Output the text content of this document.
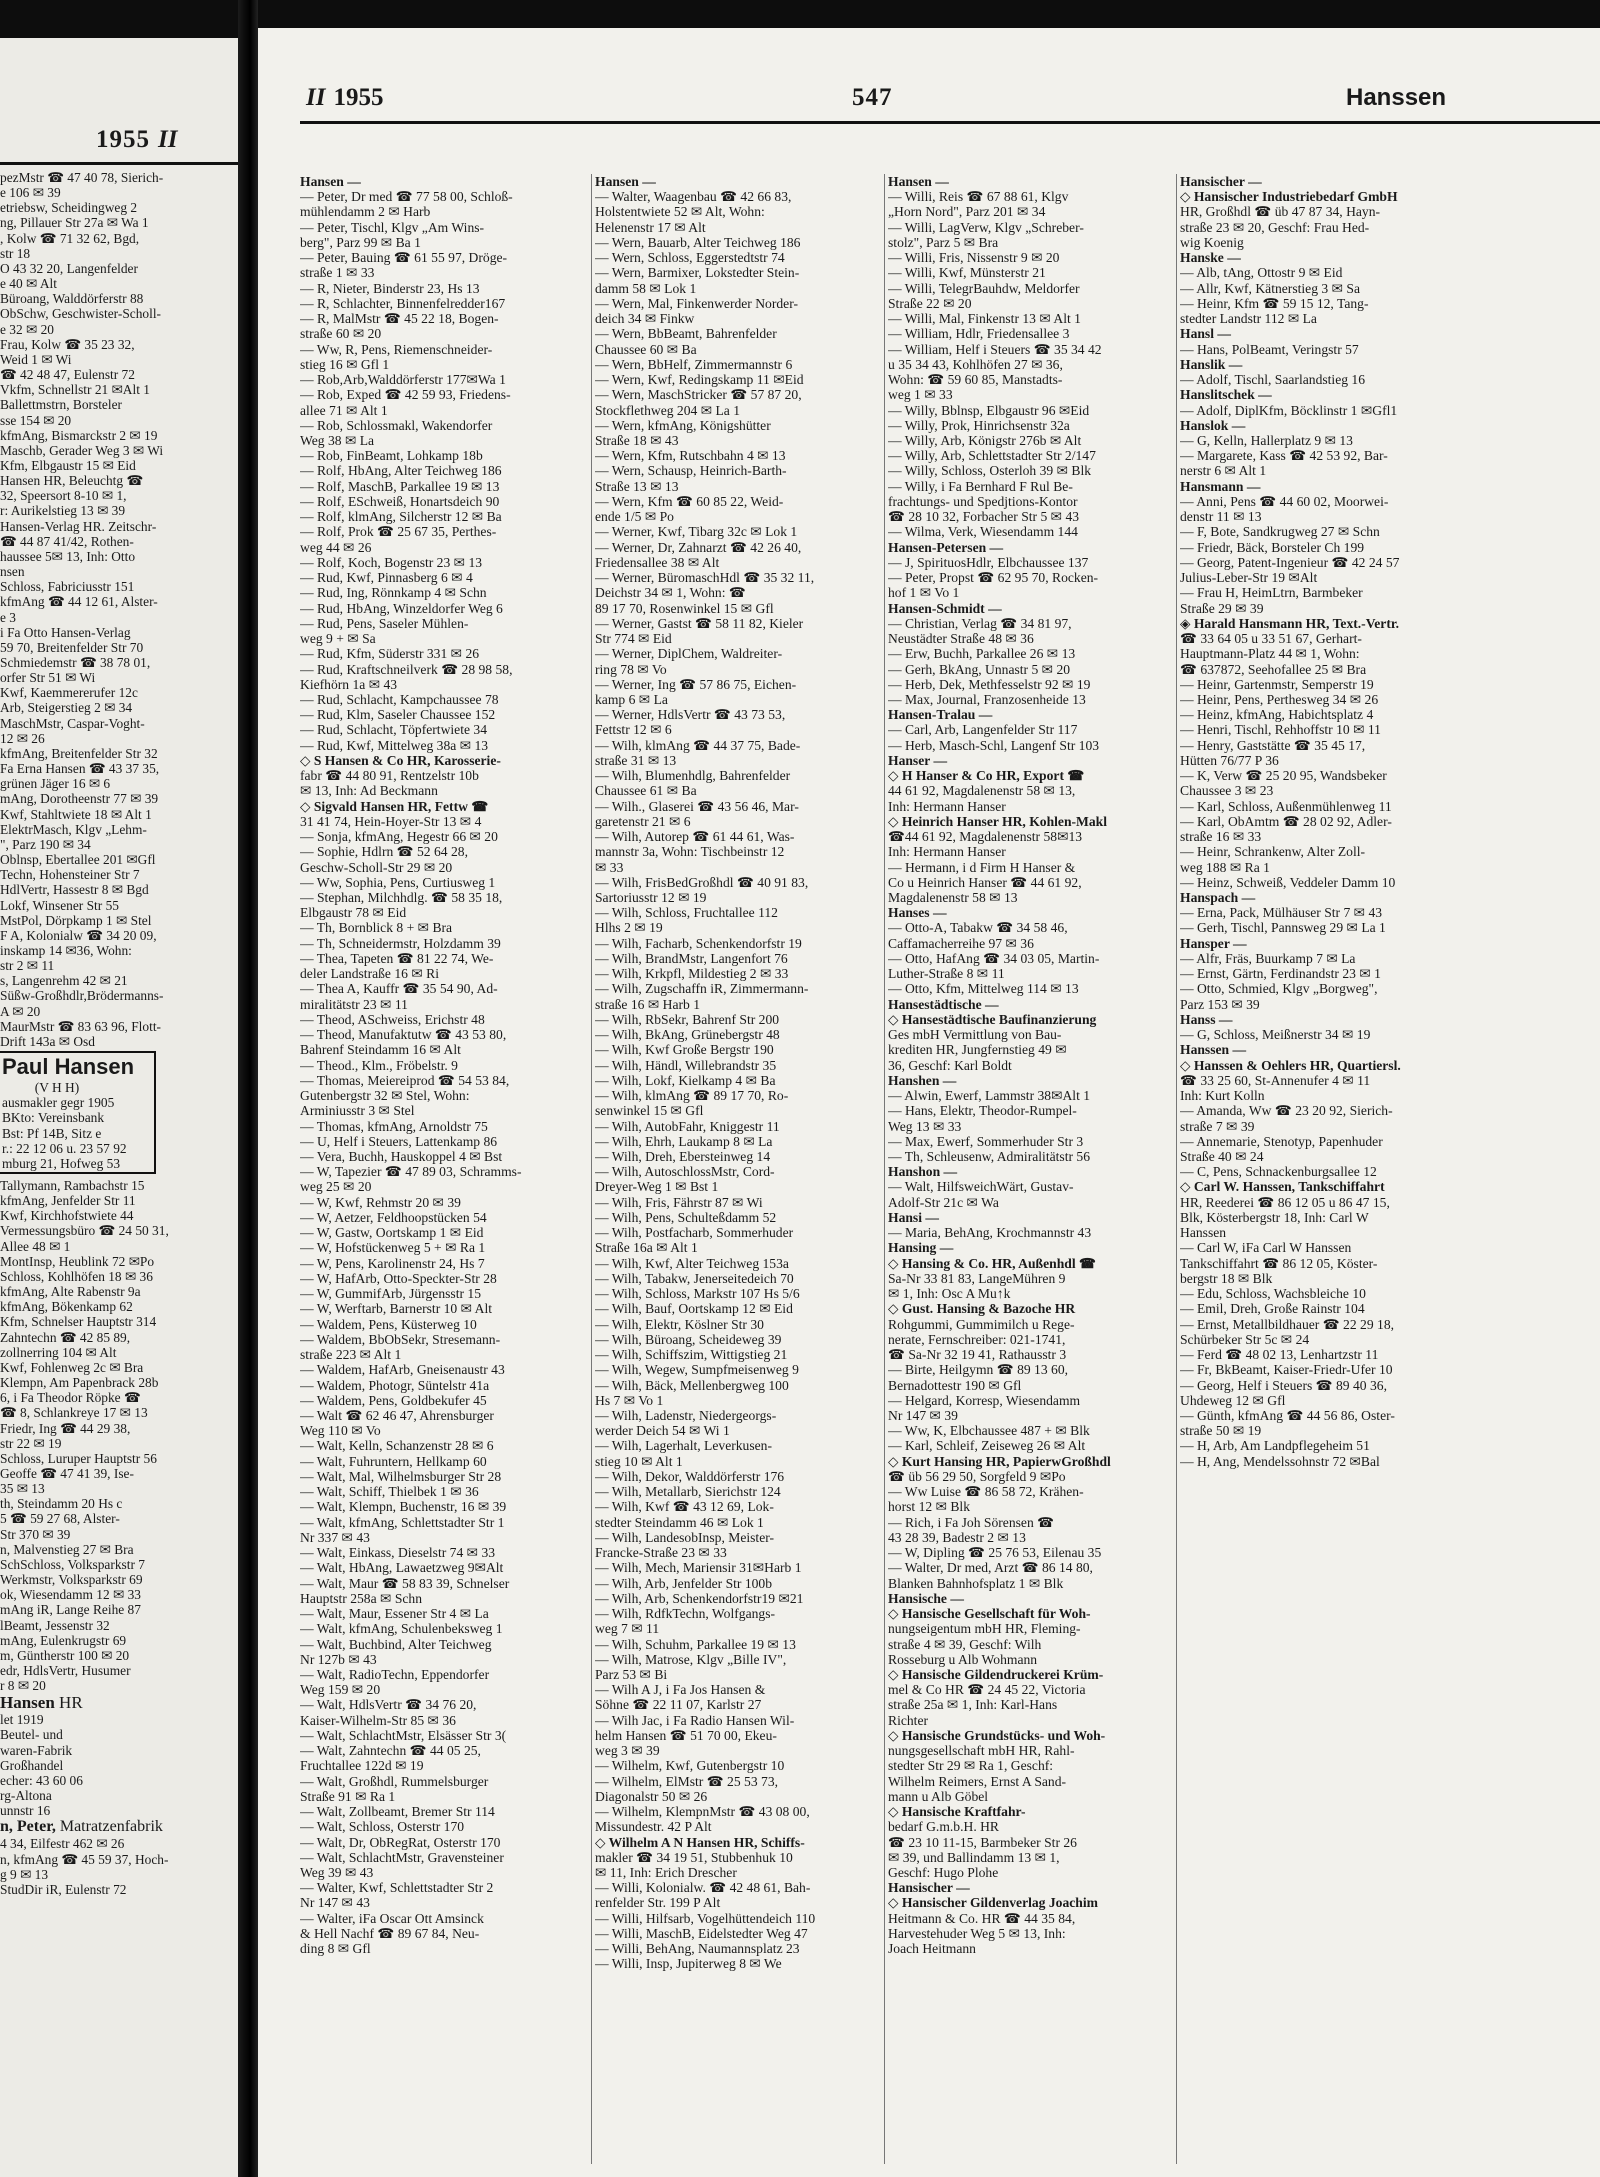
1955 II
pezMstr ☎ 47 40 78, Sierich-
e 106 ✉ 39
etriebsw, Scheidingweg 2
ng, Pillauer Str 27a ✉ Wa 1
, Kolw ☎ 71 32 62, Bgd,
str 18
O 43 32 20, Langenfelder
e 40 ✉ Alt
Büroang, Walddörferstr 88
ObSchw, Geschwister-Scholl-
e 32 ✉ 20
Frau, Kolw ☎ 35 23 32,
Weid 1 ✉ Wi
☎ 42 48 47, Eulenstr 72
Vkfm, Schnellstr 21 ✉Alt 1
Ballettmstrn, Borsteler
sse 154 ✉ 20
kfmAng, Bismarckstr 2 ✉ 19
Maschb, Gerader Weg 3 ✉ Wi
Kfm, Elbgaustr 15 ✉ Eid
Hansen HR, Beleuchtg ☎
32, Speersort 8-10 ✉ 1,
r: Aurikelstieg 13 ✉ 39
Hansen-Verlag HR. Zeitschr-
☎ 44 87 41/42, Rothen-
haussee 5✉ 13, Inh: Otto
nsen
Schloss, Fabriciusstr 151
kfmAng ☎ 44 12 61, Alster-
e 3
i Fa Otto Hansen-Verlag
59 70, Breitenfelder Str 70
Schmiedemstr ☎ 38 78 01,
orfer Str 51 ✉ Wi
Kwf, Kaemmererufer 12c
Arb, Steigerstieg 2 ✉ 34
MaschMstr, Caspar-Voght-
12 ✉ 26
kfmAng, Breitenfelder Str 32
Fa Erna Hansen ☎ 43 37 35,
grünen Jäger 16 ✉ 6
mAng, Dorotheenstr 77 ✉ 39
Kwf, Stahltwiete 18 ✉ Alt 1
ElektrMasch, Klgv „Lehm-
", Parz 190 ✉ 34
Oblnsp, Ebertallee 201 ✉Gfl
Techn, Hohensteiner Str 7
HdlVertr, Hassestr 8 ✉ Bgd
Lokf, Winsener Str 55
MstPol, Dörpkamp 1 ✉ Stel
F A, Kolonialw ☎ 34 20 09,
inskamp 14 ✉36, Wohn:
str 2 ✉ 11
s, Langenrehm 42 ✉ 21
Süßw-Großhdlr,Brödermanns-
A ✉ 20
MaurMstr ☎ 83 63 96, Flott-
Drift 143a ✉ Osd
Paul Hansen
(V H H)
ausmakler gegr 1905
BKto: Vereinsbank
Bst: Pf 14B, Sitz e
r.: 22 12 06 u. 23 57 92
mburg 21, Hofweg 53
Tallymann, Rambachstr 15
kfmAng, Jenfelder Str 11
Kwf, Kirchhofstwiete 44
Vermessungsbüro ☎ 24 50 31,
Allee 48 ✉ 1
MontInsp, Heublink 72 ✉Po
Schloss, Kohlhöfen 18 ✉ 36
kfmAng, Alte Rabenstr 9a
kfmAng, Bökenkamp 62
Kfm, Schnelser Hauptstr 314
Zahntechn ☎ 42 85 89,
zollnerring 104 ✉ Alt
Kwf, Fohlenweg 2c ✉ Bra
Klempn, Am Papenbrack 28b
6, i Fa Theodor Röpke ☎
☎ 8, Schlankreye 17 ✉ 13
Friedr, Ing ☎ 44 29 38,
str 22 ✉ 19
Schloss, Luruper Hauptstr 56
Geoffe ☎ 47 41 39, Ise-
35 ✉ 13
th, Steindamm 20 Hs c
5 ☎ 59 27 68, Alster-
Str 370 ✉ 39
n, Malvenstieg 27 ✉ Bra
SchSchloss, Volksparkstr 7
Werkmstr, Volksparkstr 69
ok, Wiesendamm 12 ✉ 33
mAng iR, Lange Reihe 87
lBeamt, Jessenstr 32
mAng, Eulenkrugstr 69
m, Güntherstr 100 ✉ 20
edr, HdlsVertr, Husumer
r 8 ✉ 20
Hansen HR
let 1919
Beutel- und
waren-Fabrik
Großhandel
echer: 43 60 06
rg-Altona
unnstr 16
n, Peter, Matratzenfabrik
4 34, Eilfestr 462 ✉ 26
n, kfmAng ☎ 45 59 37, Hoch-
g 9 ✉ 13
StudDir iR, Eulenstr 72
II 1955	547	Hanssen
Hansen —
— Peter, Dr med ☎ 77 58 00, Schloß-
mühlendamm 2 ✉ Harb
— Peter, Tischl, Klgv „Am Wins-
berg", Parz 99 ✉ Ba 1
— Peter, Bauing ☎ 61 55 97, Dröge-
straße 1 ✉ 33
— R, Nieter, Binderstr 23, Hs 13
— R, Schlachter, Binnenfelredder167
— R, MalMstr ☎ 45 22 18, Bogen-
straße 60 ✉ 20
— Ww, R, Pens, Riemenschneider-
stieg 16 ✉ Gfl 1
— Rob,Arb,Walddörferstr 177✉Wa 1
— Rob, Exped ☎ 42 59 93, Friedens-
allee 71 ✉ Alt 1
— Rob, Schlossmakl, Wakendorfer
Weg 38 ✉ La
— Rob, FinBeamt, Lohkamp 18b
— Rolf, HbAng, Alter Teichweg 186
— Rolf, MaschB, Parkallee 19 ✉ 13
— Rolf, ESchweiß, Honartsdeich 90
— Rolf, klmAng, Silcherstr 12 ✉ Ba
— Rolf, Prok ☎ 25 67 35, Perthes-
weg 44 ✉ 26
— Rolf, Koch, Bogenstr 23 ✉ 13
— Rud, Kwf, Pinnasberg 6 ✉ 4
— Rud, Ing, Rönnkamp 4 ✉ Schn
— Rud, HbAng, Winzeldorfer Weg 6
— Rud, Pens, Saseler Mühlen-
weg 9 + ✉ Sa
— Rud, Kfm, Süderstr 331 ✉ 26
— Rud, Kraftschneilverk ☎ 28 98 58,
Kiefhörn 1a ✉ 43
— Rud, Schlacht, Kampchaussee 78
— Rud, Klm, Saseler Chaussee 152
— Rud, Schlacht, Töpfertwiete 34
— Rud, Kwf, Mittelweg 38a ✉ 13
◇ S Hansen & Co HR, Karosserie-
fabr ☎ 44 80 91, Rentzelstr 10b
✉ 13, Inh: Ad Beckmann
◇ Sigvald Hansen HR, Fettw ☎
31 41 74, Hein-Hoyer-Str 13 ✉ 4
— Sonja, kfmAng, Hegestr 66 ✉ 20
— Sophie, Hdlrn ☎ 52 64 28,
Geschw-Scholl-Str 29 ✉ 20
— Ww, Sophia, Pens, Curtiusweg 1
— Stephan, Milchhdlg. ☎ 58 35 18,
Elbgaustr 78 ✉ Eid
— Th, Bornblick 8 + ✉ Bra
— Th, Schneidermstr, Holzdamm 39
— Thea, Tapeten ☎ 81 22 74, We-
deler Landstraße 16 ✉ Ri
— Thea A, Kauffr ☎ 35 54 90, Ad-
miralitätstr 23 ✉ 11
— Theod, ASchweiss, Erichstr 48
— Theod, Manufaktutw ☎ 43 53 80,
Bahrenf Steindamm 16 ✉ Alt
— Theod., Klm., Fröbelstr. 9
— Thomas, Meiereiprod ☎ 54 53 84,
Gutenbergstr 32 ✉ Stel, Wohn:
Arminiusstr 3 ✉ Stel
— Thomas, kfmAng, Arnoldstr 75
— U, Helf i Steuers, Lattenkamp 86
— Vera, Buchh, Hauskoppel 4 ✉ Bst
— W, Tapezier ☎ 47 89 03, Schramms-
weg 25 ✉ 20
— W, Kwf, Rehmstr 20 ✉ 39
— W, Aetzer, Feldhoopstücken 54
— W, Gastw, Oortskamp 1 ✉ Eid
— W, Hofstückenweg 5 + ✉ Ra 1
— W, Pens, Karolinenstr 24, Hs 7
— W, HafArb, Otto-Speckter-Str 28
— W, GummifArb, Jürgensstr 15
— W, Werftarb, Barnerstr 10 ✉ Alt
— Waldem, Pens, Küsterweg 10
— Waldem, BbObSekr, Stresemann-
straße 223 ✉ Alt 1
— Waldem, HafArb, Gneisenaustr 43
— Waldem, Photogr, Süntelstr 41a
— Waldem, Pens, Goldbekufer 45
— Walt ☎ 62 46 47, Ahrensburger
Weg 110 ✉ Vo
— Walt, Kelln, Schanzenstr 28 ✉ 6
— Walt, Fuhruntern, Hellkamp 60
— Walt, Mal, Wilhelmsburger Str 28
— Walt, Schiff, Thielbek 1 ✉ 36
— Walt, Klempn, Buchenstr, 16 ✉ 39
— Walt, kfmAng, Schlettstadter Str 1
Nr 337 ✉ 43
— Walt, Einkass, Dieselstr 74 ✉ 33
— Walt, HbAng, Lawaetzweg 9✉Alt
— Walt, Maur ☎ 58 83 39, Schnelser
Hauptstr 258a ✉ Schn
— Walt, Maur, Essener Str 4 ✉ La
— Walt, kfmAng, Schulenbeksweg 1
— Walt, Buchbind, Alter Teichweg
Nr 127b ✉ 43
— Walt, RadioTechn, Eppendorfer
Weg 159 ✉ 20
— Walt, HdlsVertr ☎ 34 76 20,
Kaiser-Wilhelm-Str 85 ✉ 36
— Walt, SchlachtMstr, Elsässer Str 3(
— Walt, Zahntechn ☎ 44 05 25,
Fruchtallee 122d ✉ 19
— Walt, Großhdl, Rummelsburger
Straße 91 ✉ Ra 1
— Walt, Zollbeamt, Bremer Str 114
— Walt, Schloss, Osterstr 170
— Walt, Dr, ObRegRat, Osterstr 170
— Walt, SchlachtMstr, Gravensteiner
Weg 39 ✉ 43
— Walter, Kwf, Schlettstadter Str 2
Nr 147 ✉ 43
— Walter, iFa Oscar Ott Amsinck
& Hell Nachf ☎ 89 67 84, Neu-
ding 8 ✉ Gfl
Hansen —
— Walter, Waagenbau ☎ 42 66 83,
Holstentwiete 52 ✉ Alt, Wohn:
Helenenstr 17 ✉ Alt
— Wern, Bauarb, Alter Teichweg 186
— Wern, Schloss, Eggerstedtstr 74
— Wern, Barmixer, Lokstedter Stein-
damm 58 ✉ Lok 1
— Wern, Mal, Finkenwerder Norder-
deich 34 ✉ Finkw
— Wern, BbBeamt, Bahrenfelder
Chaussee 60 ✉ Ba
— Wern, BbHelf, Zimmermannstr 6
— Wern, Kwf, Redingskamp 11 ✉Eid
— Wern, MaschStricker ☎ 57 87 20,
Stockflethweg 204 ✉ La 1
— Wern, kfmAng, Königshütter
Straße 18 ✉ 43
— Wern, Kfm, Rutschbahn 4 ✉ 13
— Wern, Schausp, Heinrich-Barth-
Straße 13 ✉ 13
— Wern, Kfm ☎ 60 85 22, Weid-
ende 1/5 ✉ Po
— Werner, Kwf, Tibarg 32c ✉ Lok 1
— Werner, Dr, Zahnarzt ☎ 42 26 40,
Friedensallee 38 ✉ Alt
— Werner, BüromaschHdl ☎ 35 32 11,
Deichstr 34 ✉ 1, Wohn: ☎
89 17 70, Rosenwinkel 15 ✉ Gfl
— Werner, Gastst ☎ 58 11 82, Kieler
Str 774 ✉ Eid
— Werner, DiplChem, Waldreiter-
ring 78 ✉ Vo
— Werner, Ing ☎ 57 86 75, Eichen-
kamp 6 ✉ La
— Werner, HdlsVertr ☎ 43 73 53,
Fettstr 12 ✉ 6
— Wilh, klmAng ☎ 44 37 75, Bade-
straße 31 ✉ 13
— Wilh, Blumenhdlg, Bahrenfelder
Chaussee 61 ✉ Ba
— Wilh., Glaserei ☎ 43 56 46, Mar-
garetenstr 21 ✉ 6
— Wilh, Autorep ☎ 61 44 61, Was-
mannstr 3a, Wohn: Tischbeinstr 12
✉ 33
— Wilh, FrisBedGroßhdl ☎ 40 91 83,
Sartoriusstr 12 ✉ 19
— Wilh, Schloss, Fruchtallee 112
Hlhs 2 ✉ 19
— Wilh, Facharb, Schenkendorfstr 19
— Wilh, BrandMstr, Langenfort 76
— Wilh, Krkpfl, Mildestieg 2 ✉ 33
— Wilh, Zugschaffn iR, Zimmermann-
straße 16 ✉ Harb 1
— Wilh, RbSekr, Bahrenf Str 200
— Wilh, BkAng, Grünebergstr 48
— Wilh, Kwf Große Bergstr 190
— Wilh, Händl, Willebrandstr 35
— Wilh, Lokf, Kielkamp 4 ✉ Ba
— Wilh, klmAng ☎ 89 17 70, Ro-
senwinkel 15 ✉ Gfl
— Wilh, AutobFahr, Kniggestr 11
— Wilh, Ehrh, Laukamp 8 ✉ La
— Wilh, Dreh, Ebersteinweg 14
— Wilh, AutoschlossMstr, Cord-
Dreyer-Weg 1 ✉ Bst 1
— Wilh, Fris, Fährstr 87 ✉ Wi
— Wilh, Pens, Schulteßdamm 52
— Wilh, Postfacharb, Sommerhuder
Straße 16a ✉ Alt 1
— Wilh, Kwf, Alter Teichweg 153a
— Wilh, Tabakw, Jenerseitedeich 70
— Wilh, Schloss, Markstr 107 Hs 5/6
— Wilh, Bauf, Oortskamp 12 ✉ Eid
— Wilh, Elektr, Köslner Str 30
— Wilh, Büroang, Scheideweg 39
— Wilh, Schiffszim, Wittigstieg 21
— Wilh, Wegew, Sumpfmeisenweg 9
— Wilh, Bäck, Mellenbergweg 100
Hs 7 ✉ Vo 1
— Wilh, Ladenstr, Niedergeorgs-
werder Deich 54 ✉ Wi 1
— Wilh, Lagerhalt, Leverkusen-
stieg 10 ✉ Alt 1
— Wilh, Dekor, Walddörferstr 176
— Wilh, Metallarb, Sierichstr 124
— Wilh, Kwf ☎ 43 12 69, Lok-
stedter Steindamm 46 ✉ Lok 1
— Wilh, LandesobInsp, Meister-
Francke-Straße 23 ✉ 33
— Wilh, Mech, Mariensir 31✉Harb 1
— Wilh, Arb, Jenfelder Str 100b
— Wilh, Arb, Schenkendorfstr19 ✉21
— Wilh, RdfkTechn, Wolfgangs-
weg 7 ✉ 11
— Wilh, Schuhm, Parkallee 19 ✉ 13
— Wilh, Matrose, Klgv „Bille IV",
Parz 53 ✉ Bi
— Wilh A J, i Fa Jos Hansen &
Söhne ☎ 22 11 07, Karlstr 27
— Wilh Jac, i Fa Radio Hansen Wil-
helm Hansen ☎ 51 70 00, Ekeu-
weg 3 ✉ 39
— Wilhelm, Kwf, Gutenbergstr 10
— Wilhelm, ElMstr ☎ 25 53 73,
Diagonalstr 50 ✉ 26
— Wilhelm, KlempnMstr ☎ 43 08 00,
Missundestr. 42 P Alt
◇ Wilhelm A N Hansen HR, Schiffs-
makler ☎ 34 19 51, Stubbenhuk 10
✉ 11, Inh: Erich Drescher
— Willi, Kolonialw. ☎ 42 48 61, Bah-
renfelder Str. 199 P Alt
— Willi, Hilfsarb, Vogelhüttendeich 110
— Willi, MaschB, Eidelstedter Weg 47
— Willi, BehAng, Naumannsplatz 23
— Willi, Insp, Jupiterweg 8 ✉ We
Hansen —
— Willi, Reis ☎ 67 88 61, Klgv
„Horn Nord", Parz 201 ✉ 34
— Willi, LagVerw, Klgv „Schreber-
stolz", Parz 5 ✉ Bra
— Willi, Fris, Nissenstr 9 ✉ 20
— Willi, Kwf, Münsterstr 21
— Willi, TelegrBauhdw, Meldorfer
Straße 22 ✉ 20
— Willi, Mal, Finkenstr 13 ✉ Alt 1
— William, Hdlr, Friedensallee 3
— William, Helf i Steuers ☎ 35 34 42
u 35 34 43, Kohlhöfen 27 ✉ 36,
Wohn: ☎ 59 60 85, Manstadts-
weg 1 ✉ 33
— Willy, Bblnsp, Elbgaustr 96 ✉Eid
— Willy, Prok, Hinrichsenstr 32a
— Willy, Arb, Königstr 276b ✉ Alt
— Willy, Arb, Schlettstadter Str 2/147
— Willy, Schloss, Osterloh 39 ✉ Blk
— Willy, i Fa Bernhard F Rul Be-
frachtungs- und Spedjtions-Kontor
☎ 28 10 32, Forbacher Str 5 ✉ 43
— Wilma, Verk, Wiesendamm 144
Hansen-Petersen —
— J, SpirituosHdlr, Elbchaussee 137
— Peter, Propst ☎ 62 95 70, Rocken-
hof 1 ✉ Vo 1
Hansen-Schmidt —
— Christian, Verlag ☎ 34 81 97,
Neustädter Straße 48 ✉ 36
— Erw, Buchh, Parkallee 26 ✉ 13
— Gerh, BkAng, Unnastr 5 ✉ 20
— Herb, Dek, Methfesselstr 92 ✉ 19
— Max, Journal, Franzosenheide 13
Hansen-Tralau —
— Carl, Arb, Langenfelder Str 117
— Herb, Masch-Schl, Langenf Str 103
Hanser —
◇ H Hanser & Co HR, Export ☎
44 61 92, Magdalenenstr 58 ✉ 13,
Inh: Hermann Hanser
◇ Heinrich Hanser HR, Kohlen-Makl
☎44 61 92, Magdalenenstr 58✉13
Inh: Hermann Hanser
— Hermann, i d Firm H Hanser &
Co u Heinrich Hanser ☎ 44 61 92,
Magdalenenstr 58 ✉ 13
Hanses —
— Otto-A, Tabakw ☎ 34 58 46,
Caffamacherreihe 97 ✉ 36
— Otto, HafAng ☎ 34 03 05, Martin-
Luther-Straße 8 ✉ 11
— Otto, Kfm, Mittelweg 114 ✉ 13
Hansestädtische —
◇ Hansestädtische Baufinanzierung
Ges mbH Vermittlung von Bau-
krediten HR, Jungfernstieg 49 ✉
36, Geschf: Karl Boldt
Hanshen —
— Alwin, Ewerf, Lammstr 38✉Alt 1
— Hans, Elektr, Theodor-Rumpel-
Weg 13 ✉ 33
— Max, Ewerf, Sommerhuder Str 3
— Th, Schleusenw, Admiralitätstr 56
Hanshon —
— Walt, HilfsweichWärt, Gustav-
Adolf-Str 21c ✉ Wa
Hansi —
— Maria, BehAng, Krochmannstr 43
Hansing —
◇ Hansing & Co. HR, Außenhdl ☎
Sa-Nr 33 81 83, LangeMühren 9
✉ 1, Inh: Osc A Mu↑k
◇ Gust. Hansing & Bazoche HR
Rohgummi, Gummimilch u Rege-
nerate, Fernschreiber: 021-1741,
☎ Sa-Nr 32 19 41, Rathausstr 3
— Birte, Heilgymn ☎ 89 13 60,
Bernadottestr 190 ✉ Gfl
— Helgard, Korresp, Wiesendamm
Nr 147 ✉ 39
— Ww, K, Elbchaussee 487 + ✉ Blk
— Karl, Schleif, Zeiseweg 26 ✉ Alt
◇ Kurt Hansing HR, PapierwGroßhdl
☎ üb 56 29 50, Sorgfeld 9 ✉Po
— Ww Luise ☎ 86 58 72, Krähen-
horst 12 ✉ Blk
— Rich, i Fa Joh Sörensen ☎
43 28 39, Badestr 2 ✉ 13
— W, Dipling ☎ 25 76 53, Eilenau 35
— Walter, Dr med, Arzt ☎ 86 14 80,
Blanken Bahnhofsplatz 1 ✉ Blk
Hansische —
◇ Hansische Gesellschaft für Woh-
nungseigentum mbH HR, Fleming-
straße 4 ✉ 39, Geschf: Wilh
Rosseburg u Alb Wohmann
◇ Hansische Gildendruckerei Krüm-
mel & Co HR ☎ 24 45 22, Victoria
straße 25a ✉ 1, Inh: Karl-Hans
Richter
◇ Hansische Grundstücks- und Woh-
nungsgesellschaft mbH HR, Rahl-
stedter Str 29 ✉ Ra 1, Geschf:
Wilhelm Reimers, Ernst A Sand-
mann u Alb Göbel
◇ Hansische Kraftfahr-
bedarf G.m.b.H. HR
☎ 23 10 11-15, Barmbeker Str 26
✉ 39, und Ballindamm 13 ✉ 1,
Geschf: Hugo Plohe
Hansischer —
◇ Hansischer Gildenverlag Joachim
Heitmann & Co. HR ☎ 44 35 84,
Harvestehuder Weg 5 ✉ 13, Inh:
Joach Heitmann
Hansischer —
◇ Hansischer Industriebedarf GmbH
HR, Großhdl ☎ üb 47 87 34, Hayn-
straße 23 ✉ 20, Geschf: Frau Hed-
wig Koenig
Hanske —
— Alb, tAng, Ottostr 9 ✉ Eid
— Allr, Kwf, Kätnerstieg 3 ✉ Sa
— Heinr, Kfm ☎ 59 15 12, Tang-
stedter Landstr 112 ✉ La
Hansl —
— Hans, PolBeamt, Veringstr 57
Hanslik —
— Adolf, Tischl, Saarlandstieg 16
Hanslitschek —
— Adolf, DiplKfm, Böcklinstr 1 ✉Gfl1
Hanslok —
— G, Kelln, Hallerplatz 9 ✉ 13
— Margarete, Kass ☎ 42 53 92, Bar-
nerstr 6 ✉ Alt 1
Hansmann —
— Anni, Pens ☎ 44 60 02, Moorwei-
denstr 11 ✉ 13
— F, Bote, Sandkrugweg 27 ✉ Schn
— Friedr, Bäck, Borsteler Ch 199
— Georg, Patent-Ingenieur ☎ 42 24 57
Julius-Leber-Str 19 ✉Alt
— Frau H, HeimLtrn, Barmbeker
Straße 29 ✉ 39
◈ Harald Hansmann HR, Text.-Vertr.
☎ 33 64 05 u 33 51 67, Gerhart-
Hauptmann-Platz 44 ✉ 1, Wohn:
☎ 637872, Seehofallee 25 ✉ Bra
— Heinr, Gartenmstr, Semperstr 19
— Heinr, Pens, Perthesweg 34 ✉ 26
— Heinz, kfmAng, Habichtsplatz 4
— Henri, Tischl, Rehhoffstr 10 ✉ 11
— Henry, Gaststätte ☎ 35 45 17,
Hütten 76/77 P 36
— K, Verw ☎ 25 20 95, Wandsbeker
Chaussee 3 ✉ 23
— Karl, Schloss, Außenmühlenweg 11
— Karl, ObAmtm ☎ 28 02 92, Adler-
straße 16 ✉ 33
— Heinr, Schrankenw, Alter Zoll-
weg 188 ✉ Ra 1
— Heinz, Schweiß, Veddeler Damm 10
Hanspach —
— Erna, Pack, Mülhäuser Str 7 ✉ 43
— Gerh, Tischl, Pannsweg 29 ✉ La 1
Hansper —
— Alfr, Fräs, Buurkamp 7 ✉ La
— Ernst, Gärtn, Ferdinandstr 23 ✉ 1
— Otto, Schmied, Klgv „Borgweg",
Parz 153 ✉ 39
Hanss —
— G, Schloss, Meißnerstr 34 ✉ 19
Hanssen —
◇ Hanssen & Oehlers HR, Quartiersl.
☎ 33 25 60, St-Annenufer 4 ✉ 11
Inh: Kurt Kolln
— Amanda, Ww ☎ 23 20 92, Sierich-
straße 7 ✉ 39
— Annemarie, Stenotyp, Papenhuder
Straße 40 ✉ 24
— C, Pens, Schnackenburgsallee 12
◇ Carl W. Hanssen, Tankschiffahrt
HR, Reederei ☎ 86 12 05 u 86 47 15,
Blk, Kösterbergstr 18, Inh: Carl W
Hanssen
— Carl W, iFa Carl W Hanssen
Tankschiffahrt ☎ 86 12 05, Köster-
bergstr 18 ✉ Blk
— Edu, Schloss, Wachsbleiche 10
— Emil, Dreh, Große Rainstr 104
— Ernst, Metallbildhauer ☎ 22 29 18,
Schürbeker Str 5c ✉ 24
— Ferd ☎ 48 02 13, Lenhartzstr 11
— Fr, BkBeamt, Kaiser-Friedr-Ufer 10
— Georg, Helf i Steuers ☎ 89 40 36,
Uhdeweg 12 ✉ Gfl
— Günth, kfmAng ☎ 44 56 86, Oster-
straße 50 ✉ 19
— H, Arb, Am Landpflegeheim 51
— H, Ang, Mendelssohnstr 72 ✉Bal
